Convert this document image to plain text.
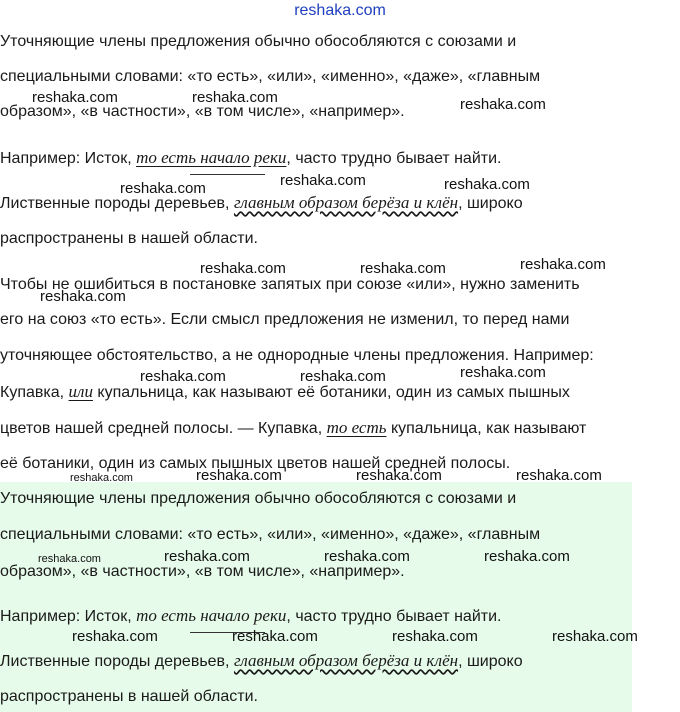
reshaka.com
Уточняющие члены предложения обычно обособляются с союзами и
специальными словами: «то есть», «или», «именно», «даже», «главным
образом», «в частности», «в том числе», «например».
Например: Исток, то есть начало реки, часто трудно бывает найти.
Лиственные породы деревьев, главным образом берёза и клён, широко
распространены в нашей области.
Чтобы не ошибиться в постановке запятых при союзе «или», нужно заменить
его на союз «то есть». Если смысл предложения не изменил, то перед нами
уточняющее обстоятельство, а не однородные члены предложения. Например:
Купавка, или купальница, как называют её ботаники, один из самых пышных
цветов нашей средней полосы. — Купавка, то есть купальница, как называют
её ботаники, один из самых пышных цветов нашей средней полосы.
Уточняющие члены предложения обычно обособляются с союзами и
специальными словами: «то есть», «или», «именно», «даже», «главным
образом», «в частности», «в том числе», «например».
Например: Исток, то есть начало реки, часто трудно бывает найти.
Лиственные породы деревьев, главным образом берёза и клён, широко
распространены в нашей области.
reshaka.com	reshaka.com	reshaka.com
reshaka.com	reshaka.com	reshaka.com
reshaka.com	reshaka.com	reshaka.com
reshaka.com
reshaka.com	reshaka.com	reshaka.com
reshaka.com	reshaka.com	reshaka.com	reshaka.com
reshaka.com	reshaka.com	reshaka.com	reshaka.com
reshaka.com	reshaka.com	reshaka.com	reshaka.com
